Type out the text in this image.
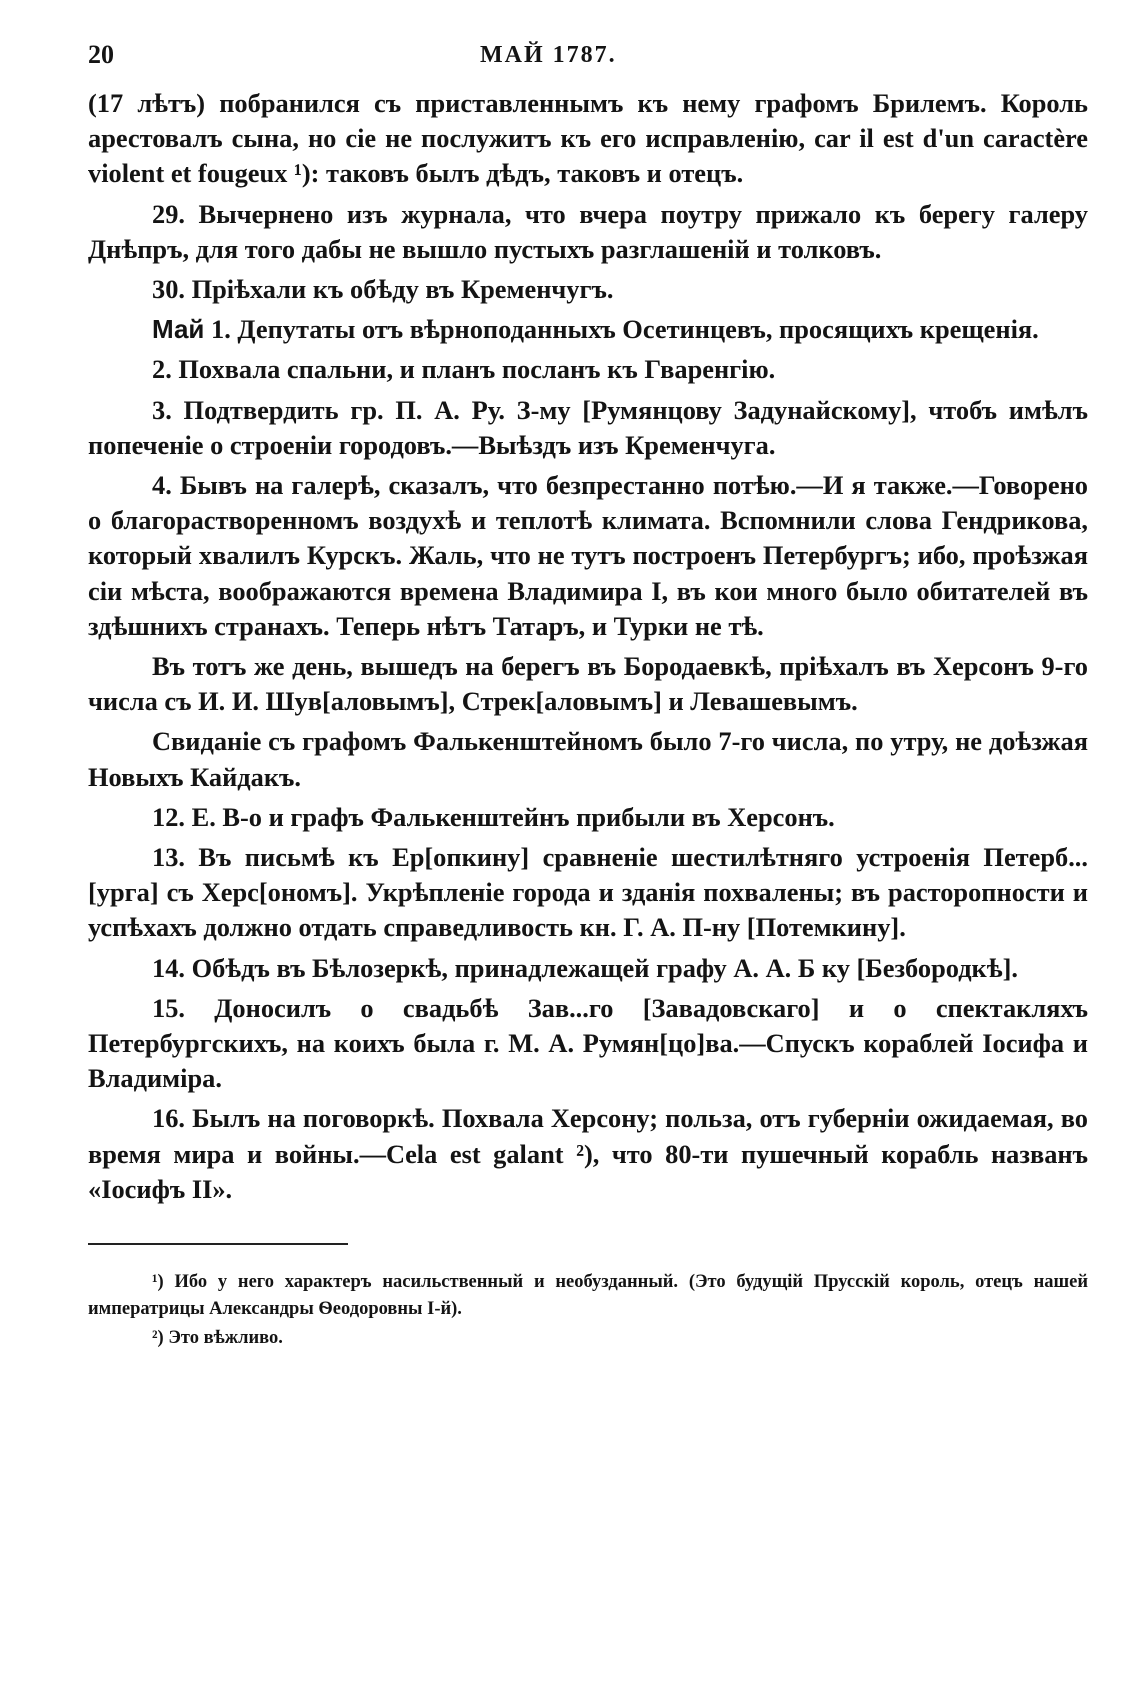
20	МАЙ 1787.

(17 лѣтъ) побранился съ приставленнымъ къ нему графомъ Брилемъ. Король арестовалъ сына, но сіе не послужитъ къ его исправленію, car il est d'un caractère violent et fougeux ¹): таковъ былъ дѣдъ, таковъ и отецъ.

29. Вычернено изъ журнала, что вчера поутру прижало къ берегу галеру Днѣпръ, для того дабы не вышло пустыхъ разглашеній и толковъ.

30. Пріѣхали къ обѣду въ Кременчугъ.

Май 1. Депутаты отъ вѣрноподанныхъ Осетинцевъ, просящихъ крещенія.

2. Похвала спальни, и планъ посланъ къ Гваренгію.

3. Подтвердить гр. П. А. Ру. З-му [Румянцову Задунайскому], чтобъ имѣлъ попеченіе о строеніи городовъ.—Выѣздъ изъ Кременчуга.

4. Бывъ на галерѣ, сказалъ, что безпрестанно потѣю.—И я также.—Говорено о благорастворенномъ воздухѣ и теплотѣ климата. Вспомнили слова Гендрикова, который хвалилъ Курскъ. Жаль, что не тутъ построенъ Петербургъ; ибо, проѣзжая сіи мѣста, воображаются времена Владимира I, въ кои много было обитателей въ здѣшнихъ странахъ. Теперь нѣтъ Татаръ, и Турки не тѣ.

Въ тотъ же день, вышедъ на берегъ въ Бородаевкѣ, пріѣхалъ въ Херсонъ 9-го числа съ И. И. Шув[аловымъ], Стрек[аловымъ] и Левашевымъ.

Свиданіе съ графомъ Фалькенштейномъ было 7-го числа, по утру, не доѣзжая Новыхъ Кайдакъ.

12. Е. В-о и графъ Фалькенштейнъ прибыли въ Херсонъ.

13. Въ письмѣ къ Ер[опкину] сравненіе шестилѣтняго устроенія Петерб...[урга] съ Херс[ономъ]. Укрѣпленіе города и зданія похвалены; въ расторопности и успѣхахъ должно отдать справедливость кн. Г. А. П-ну [Потемкину].

14. Обѣдъ въ Бѣлозеркѣ, принадлежащей графу А. А. Б ку [Безбородкѣ].

15. Доносилъ о свадьбѣ Зав...го [Завадовскаго] и о спектакляхъ Петербургскихъ, на коихъ была г. М. А. Румян[цо]ва.—Спускъ кораблей Іосифа и Владиміра.

16. Былъ на поговоркѣ. Похвала Херсону; польза, отъ губерніи ожидаемая, во время мира и войны.—Cela est galant ²), что 80-ти пушечный корабль названъ «Іосифъ II».

¹) Ибо у него характеръ насильственный и необузданный. (Это будущій Прусскій король, отецъ нашей императрицы Александры Ѳеодоровны I-й).

²) Это вѣжливо.
